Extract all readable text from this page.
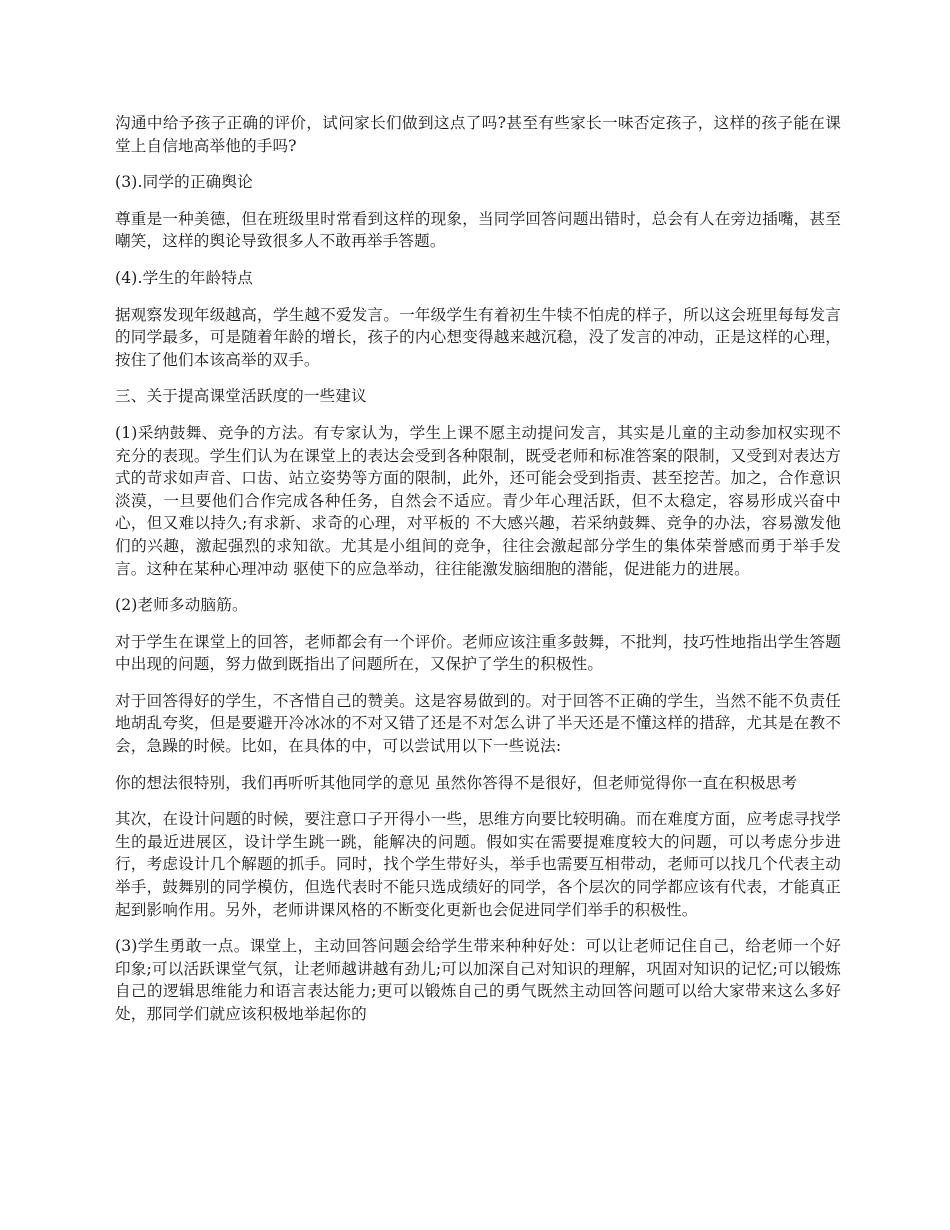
沟通中给予孩子正确的评价，试问家长们做到这点了吗?甚至有些家长一味否定孩子，这样的孩子能在课堂上自信地高举他的手吗?

(3).同学的正确舆论

尊重是一种美德，但在班级里时常看到这样的现象，当同学回答问题出错时，总会有人在旁边插嘴，甚至嘲笑，这样的舆论导致很多人不敢再举手答题。

(4).学生的年龄特点

据观察发现年级越高，学生越不爱发言。一年级学生有着初生牛犊不怕虎的样子，所以这会班里每每发言的同学最多，可是随着年龄的增长，孩子的内心想变得越来越沉稳，没了发言的冲动，正是这样的心理，按住了他们本该高举的双手。

三、关于提高课堂活跃度的一些建议

(1)采纳鼓舞、竞争的方法。有专家认为，学生上课不愿主动提问发言，其实是儿童的主动参加权实现不充分的表现。学生们认为在课堂上的表达会受到各种限制，既受老师和标准答案的限制，又受到对表达方式的苛求如声音、口齿、站立姿势等方面的限制，此外，还可能会受到指责、甚至挖苦。加之，合作意识淡漠，一旦要他们合作完成各种任务，自然会不适应。青少年心理活跃，但不太稳定，容易形成兴奋中心，但又难以持久;有求新、求奇的心理，对平板的 不大感兴趣，若采纳鼓舞、竞争的办法，容易激发他们的兴趣，激起强烈的求知欲。尤其是小组间的竞争，往往会激起部分学生的集体荣誉感而勇于举手发言。这种在某种心理冲动 驱使下的应急举动，往往能激发脑细胞的潜能，促进能力的进展。

(2)老师多动脑筋。

对于学生在课堂上的回答，老师都会有一个评价。老师应该注重多鼓舞，不批判，技巧性地指出学生答题中出现的问题，努力做到既指出了问题所在，又保护了学生的积极性。

对于回答得好的学生，不吝惜自己的赞美。这是容易做到的。对于回答不正确的学生，当然不能不负责任地胡乱夸奖，但是要避开冷冰冰的不对又错了还是不对怎么讲了半天还是不懂这样的措辞，尤其是在教不会，急躁的时候。比如，在具体的中，可以尝试用以下一些说法:

你的想法很特别，我们再听听其他同学的意见 虽然你答得不是很好，但老师觉得你一直在积极思考

其次，在设计问题的时候，要注意口子开得小一些，思维方向要比较明确。而在难度方面，应考虑寻找学生的最近进展区，设计学生跳一跳，能解决的问题。假如实在需要提难度较大的问题，可以考虑分步进行，考虑设计几个解题的抓手。同时，找个学生带好头，举手也需要互相带动，老师可以找几个代表主动举手，鼓舞别的同学模仿，但选代表时不能只选成绩好的同学，各个层次的同学都应该有代表，才能真正起到影响作用。另外，老师讲课风格的不断变化更新也会促进同学们举手的积极性。

(3)学生勇敢一点。课堂上，主动回答问题会给学生带来种种好处：可以让老师记住自己，给老师一个好印象;可以活跃课堂气氛，让老师越讲越有劲儿;可以加深自己对知识的理解，巩固对知识的记忆;可以锻炼自己的逻辑思维能力和语言表达能力;更可以锻炼自己的勇气既然主动回答问题可以给大家带来这么多好处，那同学们就应该积极地举起你的
